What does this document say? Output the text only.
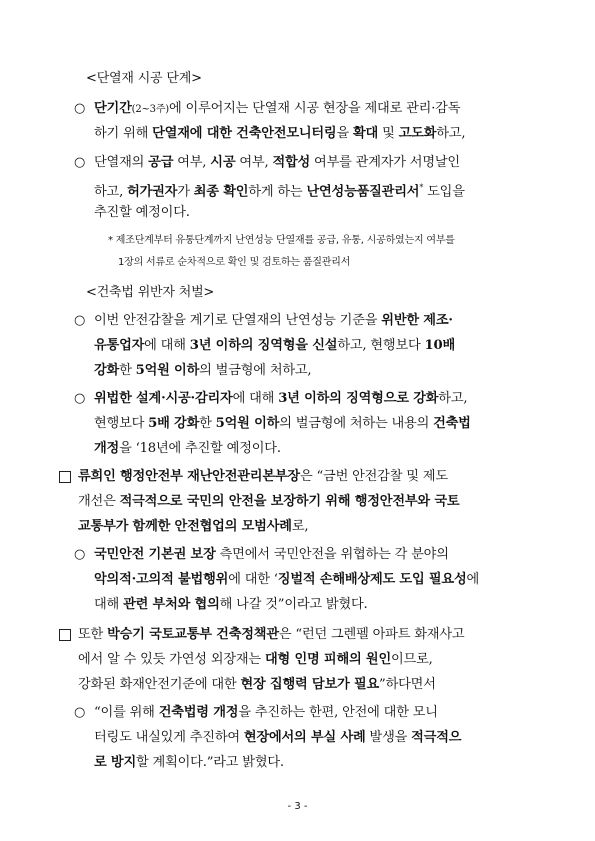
<단열재 시공 단계>
○ 단기간(2~3주)에 이루어지는 단열재 시공 현장을 제대로 관리·감독
하기 위해 단열재에 대한 건축안전모니터링을 확대 및 고도화하고,
○ 단열재의 공급 여부, 시공 여부, 적합성 여부를 관계자가 서명날인
하고, 허가권자가 최종 확인하게 하는 난연성능품질관리서* 도입을
추진할 예정이다.
* 제조단계부터 유통단계까지 난연성능 단열재를 공급, 유통, 시공하였는지 여부를
1장의 서류로 순차적으로 확인 및 검토하는 품질관리서
<건축법 위반자 처벌>
○ 이번 안전감찰을 계기로 단열재의 난연성능 기준을 위반한 제조·
유통업자에 대해 3년 이하의 징역형을 신설하고, 현행보다 10배
강화한 5억원 이하의 벌금형에 처하고,
○ 위법한 설계·시공·감리자에 대해 3년 이하의 징역형으로 강화하고,
현행보다 5배 강화한 5억원 이하의 벌금형에 처하는 내용의 건축법
개정을 ‘18년에 추진할 예정이다.
류희인 행정안전부 재난안전관리본부장은 “금번 안전감찰 및 제도
개선은 적극적으로 국민의 안전을 보장하기 위해 행정안전부와 국토
교통부가 함께한 안전협업의 모범사례로,
○ 국민안전 기본권 보장 측면에서 국민안전을 위협하는 각 분야의
악의적·고의적 불법행위에 대한 ‘징벌적 손해배상제도 도입 필요성에
대해 관련 부처와 협의해 나갈 것”이라고 밝혔다.
또한 박승기 국토교통부 건축정책관은 “런던 그렌펠 아파트 화재사고
에서 알 수 있듯 가연성 외장재는 대형 인명 피해의 원인이므로,
강화된 화재안전기준에 대한 현장 집행력 담보가 필요”하다면서
○ “이를 위해 건축법령 개정을 추진하는 한편, 안전에 대한 모니
터링도 내실있게 추진하여 현장에서의 부실 사례 발생을 적극적으
로 방지할 계획이다.”라고 밝혔다.
- 3 -
